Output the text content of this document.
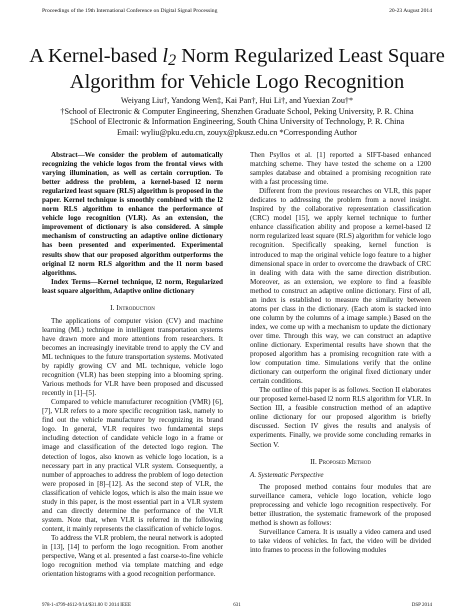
Proceedings of the 19th International Conference on Digital Signal Processing	20-23 August 2014
A Kernel-based l2 Norm Regularized Least Square
Algorithm for Vehicle Logo Recognition
Weiyang Liu†, Yandong Wen‡, Kai Pan†, Hui Li†, and Yuexian Zou†*
†School of Electronic & Computer Engineering, Shenzhen Graduate School, Peking University, P. R. China
‡School of Electronic & Information Engineering, South China University of Technology, P. R. China
Email: wyliu@pku.edu.cn, zouyx@pkusz.edu.cn *Corresponding Author

Abstract—We consider the problem of automatically recognizing the vehicle logos from the frontal views with varying illumination, as well as certain corruption. To better address the problem, a kernel-based l2 norm regularized least square (RLS) algorithm is proposed in the paper. Kernel technique is smoothly combined with the l2 norm RLS algorithm to enhance the performance of vehicle logo recognition (VLR). As an extension, the improvement of dictionary is also considered. A simple mechanism of constructing an adaptive online dictionary has been presented and experimented. Experimental results show that our proposed algorithm outperforms the original l2 norm RLS algorithm and the l1 norm based algorithms.

Index Terms—Kernel technique, l2 norm, Regularized least square algorithm, Adaptive online dictionary

I. Introduction

The applications of computer vision (CV) and machine learning (ML) technique in intelligent transportation systems have drawn more and more attentions from researchers. It becomes an increasingly inevitable trend to apply the CV and ML techniques to the future transportation systems. Motivated by rapidly growing CV and ML technique, vehicle logo recognition (VLR) has been stepping into a blooming spring. Various methods for VLR have been proposed and discussed recently in [1]–[5].

Compared to vehicle manufacturer recognition (VMR) [6], [7], VLR refers to a more specific recognition task, namely to find out the vehicle manufacturer by recognizing its brand logo. In general, VLR requires two fundamental steps including detection of candidate vehicle logo in a frame or image and classification of the detected logo region. The detection of logos, also known as vehicle logo location, is a necessary part in any practical VLR system. Consequently, a number of approaches to address the problem of logo detection were proposed in [8]–[12]. As the second step of VLR, the classification of vehicle logos, which is also the main issue we study in this paper, is the most essential part in a VLR system and can directly determine the performance of the VLR system. Note that, when VLR is referred in the following content, it mainly represents the classification of vehicle logos.

To address the VLR problem, the neural network is adopted in [13], [14] to perform the logo recognition. From another perspective, Wang et al. presented a fast coarse-to-fine vehicle logo recognition method via template matching and edge orientation histograms with a good recognition performance.

Then Psyllos et al. [1] reported a SIFT-based enhanced matching scheme. They have tested the scheme on a 1200 samples database and obtained a promising recognition rate with a fast processing time.

Different from the previous researches on VLR, this paper dedicates to addressing the problem from a novel insight. Inspired by the collaborative representation classification (CRC) model [15], we apply kernel technique to further enhance classification ability and propose a kernel-based l2 norm regularized least square (RLS) algorithm for vehicle logo recognition. Specifically speaking, kernel function is introduced to map the original vehicle logo feature to a higher dimensional space in order to overcome the drawback of CRC in dealing with data with the same direction distribution. Moreover, as an extension, we explore to find a feasible method to construct an adaptive online dictionary. First of all, an index is established to measure the similarity between atoms per class in the dictionary. (Each atom is stacked into one column by the columns of a image sample.) Based on the index, we come up with a mechanism to update the dictionary over time. Through this way, we can construct an adaptive online dictionary. Experimental results have shown that the proposed algorithm has a promising recognition rate with a low computation time. Simulations verify that the online dictionary can outperform the original fixed dictionary under certain conditions.

The outline of this paper is as follows. Section II elaborates our proposed kernel-based l2 norm RLS algorithm for VLR. In Section III, a feasible construction method of an adaptive online dictionary for our proposed algorithm is briefly discussed. Section IV gives the results and analysis of experiments. Finally, we provide some concluding remarks in Section V.

II. Proposed Method
A. Systematic Perspective

The proposed method contains four modules that are surveillance camera, vehicle logo location, vehicle logo preprocessing and vehicle logo recognition respectively. For better illustration, the systematic framework of the proposed method is shown as follows:

Surveillance Camera. It is usually a video camera and used to take videos of vehicles. In fact, the video will be divided into frames to process in the following modules

978-1-4799-4612-9/14/$31.00 © 2014 IEEE	631	DSP 2014
